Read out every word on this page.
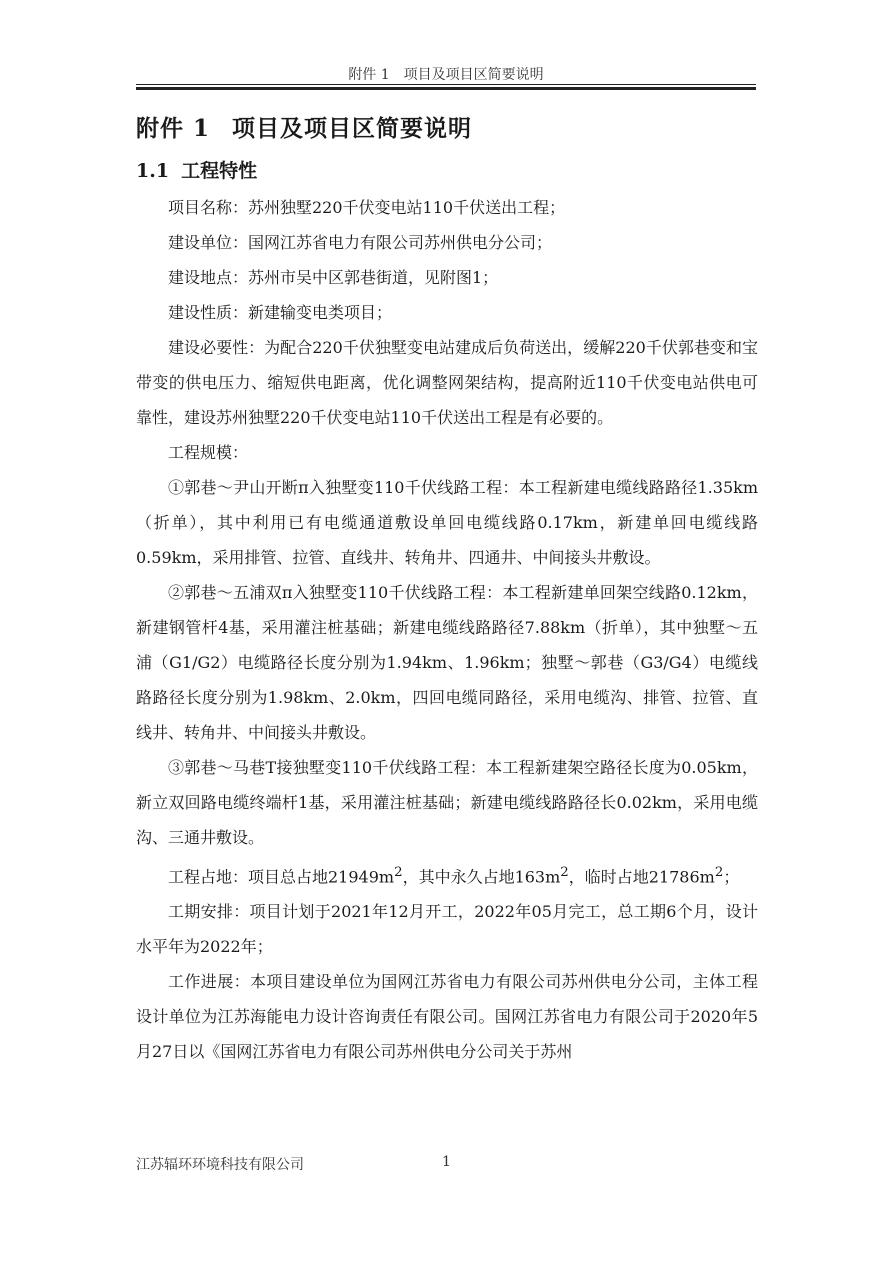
附件 1　项目及项目区简要说明
附件 1 项目及项目区简要说明
1.1 工程特性

项目名称：苏州独墅220千伏变电站110千伏送出工程；

建设单位：国网江苏省电力有限公司苏州供电分公司；

建设地点：苏州市吴中区郭巷街道，见附图1；

建设性质：新建输变电类项目；

建设必要性：为配合220千伏独墅变电站建成后负荷送出，缓解220千伏郭巷变和宝带变的供电压力、缩短供电距离，优化调整网架结构，提高附近110千伏变电站供电可靠性，建设苏州独墅220千伏变电站110千伏送出工程是有必要的。

工程规模：

①郭巷～尹山开断π入独墅变110千伏线路工程：本工程新建电缆线路路径1.35km（折单），其中利用已有电缆通道敷设单回电缆线路0.17km，新建单回电缆线路0.59km，采用排管、拉管、直线井、转角井、四通井、中间接头井敷设。

②郭巷～五浦双π入独墅变110千伏线路工程：本工程新建单回架空线路0.12km，新建钢管杆4基，采用灌注桩基础；新建电缆线路路径7.88km（折单），其中独墅～五浦（G1/G2）电缆路径长度分别为1.94km、1.96km；独墅～郭巷（G3/G4）电缆线路路径长度分别为1.98km、2.0km，四回电缆同路径，采用电缆沟、排管、拉管、直线井、转角井、中间接头井敷设。

③郭巷～马巷T接独墅变110千伏线路工程：本工程新建架空路径长度为0.05km，新立双回路电缆终端杆1基，采用灌注桩基础；新建电缆线路路径长0.02km，采用电缆沟、三通井敷设。

工程占地：项目总占地$21949m^2$，其中永久占地$163m^2$，临时占地$21786m^2$；

工期安排：项目计划于2021年12月开工，2022年05月完工，总工期6个月，设计水平年为2022年；

工作进展：本项目建设单位为国网江苏省电力有限公司苏州供电分公司，主体工程设计单位为江苏海能电力设计咨询责任有限公司。国网江苏省电力有限公司于2020年5月27日以《国网江苏省电力有限公司苏州供电分公司关于苏州

江苏辐环环境科技有限公司	1
